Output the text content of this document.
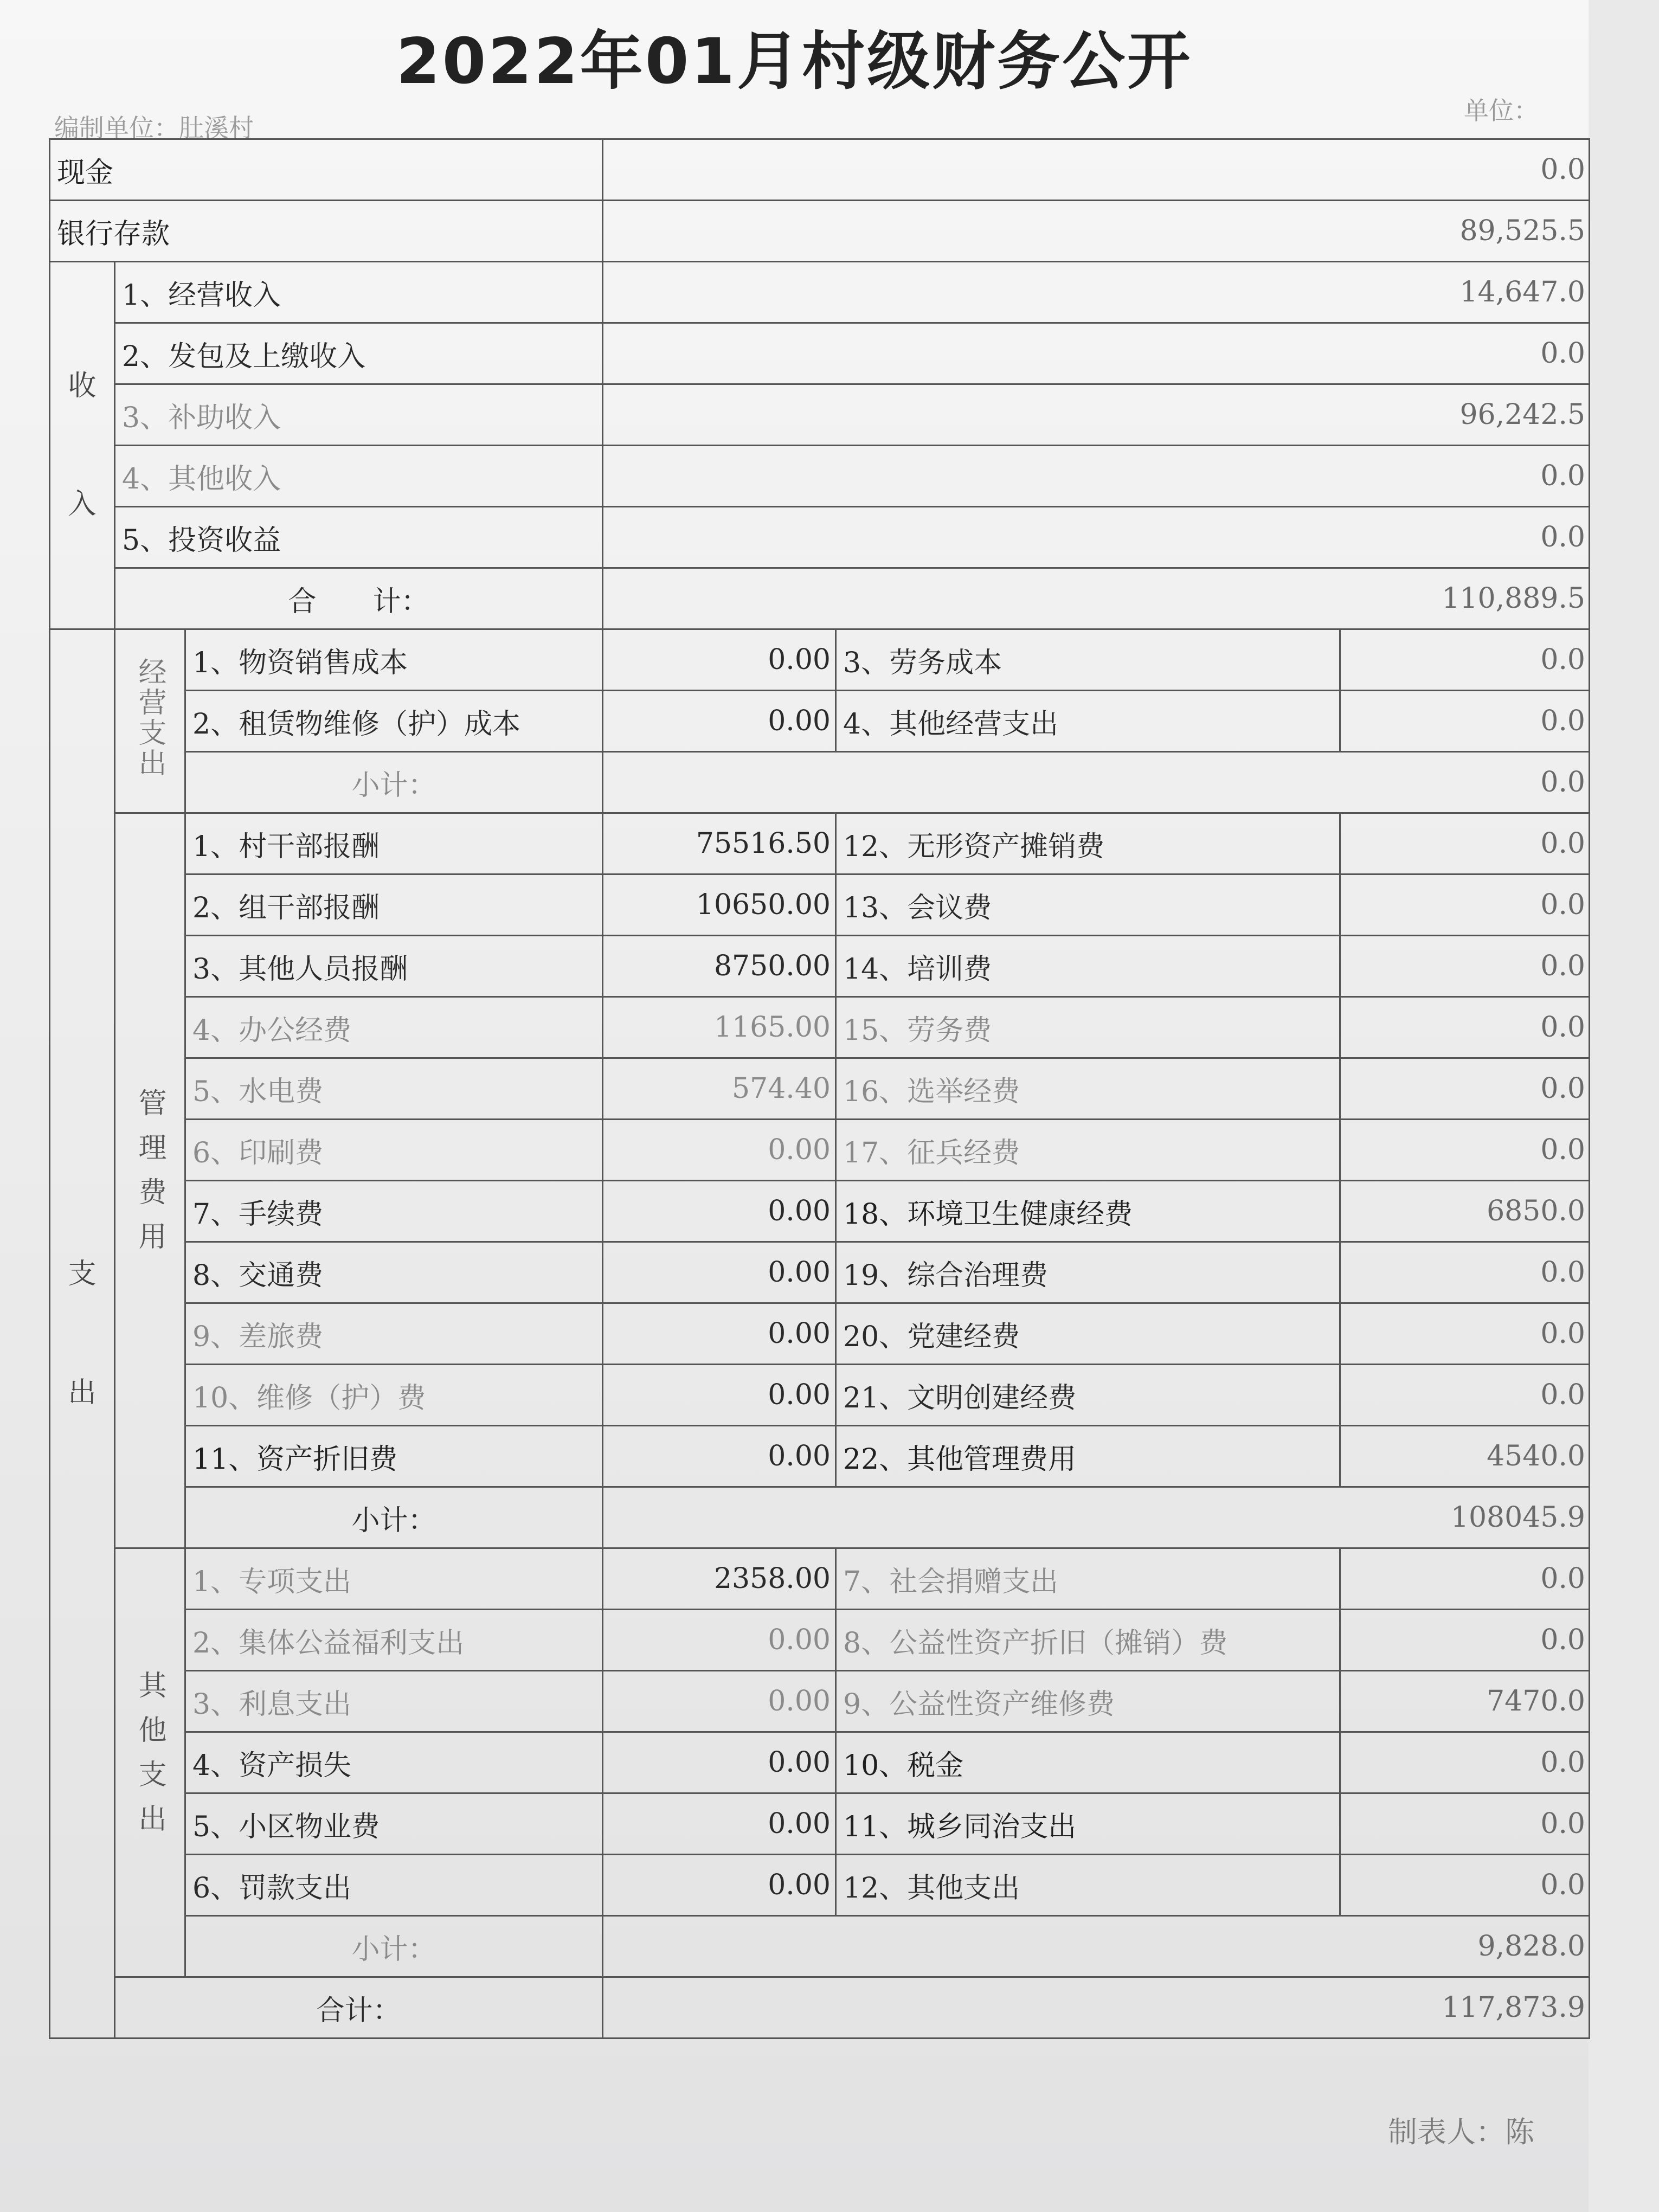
2022年01月村级财务公开
编制单位：肚溪村
单位：
现金			0.0		
银行存款			89,525.5		
收

入	1、经营收入		14,647.0		
	2、发包及上缴收入		0.0		
	3、补助收入		96,242.5		
	4、其他收入		0.0		
	5、投资收益		0.0		
	合　　计：		110,889.5		
支

出	经营支出	1、物资销售成本	0.00	3、劳务成本	0.0
		2、租赁物维修（护）成本	0.00	4、其他经营支出	0.0
		小计：	0.0		
	管理费用	1、村干部报酬	75516.50	12、无形资产摊销费	0.0
		2、组干部报酬	10650.00	13、会议费	0.0
		3、其他人员报酬	8750.00	14、培训费	0.0
		4、办公经费	1165.00	15、劳务费	0.0
		5、水电费	574.40	16、选举经费	0.0
		6、印刷费	0.00	17、征兵经费	0.0
		7、手续费	0.00	18、环境卫生健康经费	6850.0
		8、交通费	0.00	19、综合治理费	0.0
		9、差旅费	0.00	20、党建经费	0.0
		10、维修（护）费	0.00	21、文明创建经费	0.0
		11、资产折旧费	0.00	22、其他管理费用	4540.0
		小计：	108045.9		
	其他支出	1、专项支出	2358.00	7、社会捐赠支出	0.0
		2、集体公益福利支出	0.00	8、公益性资产折旧（摊销）费	0.0
		3、利息支出	0.00	9、公益性资产维修费	7470.0
		4、资产损失	0.00	10、税金	0.0
		5、小区物业费	0.00	11、城乡同治支出	0.0
		6、罚款支出	0.00	12、其他支出	0.0
		小计：	9,828.0		
	合计：		117,873.9		
制表人：陈
